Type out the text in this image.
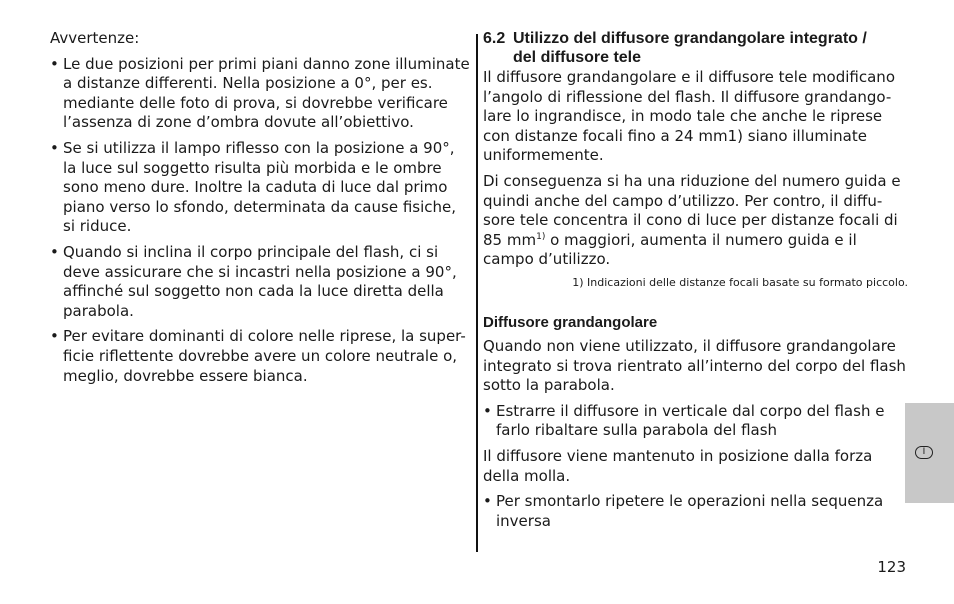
Avvertenze:

• Le due posizioni per primi piani danno zone illuminate a distanze differenti. Nella posizione a 0°, per es. mediante delle foto di prova, si dovrebbe verificare l’assenza di zone d’ombra dovute all’obiettivo.
• Se si utilizza il lampo riflesso con la posizione a 90°, la luce sul soggetto risulta più morbida e le ombre sono meno dure. Inoltre la caduta di luce dal primo piano verso lo sfondo, determinata da cause fisiche, si riduce.
• Quando si inclina il corpo principale del flash, ci si deve assicurare che si incastri nella posizione a 90°, affinché sul soggetto non cada la luce diretta della parabola.
• Per evitare dominanti di colore nelle riprese, la super-ficie riflettente dovrebbe avere un colore neutrale o, meglio, dovrebbe essere bianca.
6.2 Utilizzo del diffusore grandangolare integrato /
del diffusore tele

Il diffusore grandangolare e il diffusore tele modificano l’angolo di riflessione del flash. Il diffusore grandango-lare lo ingrandisce, in modo tale che anche le riprese con distanze focali fino a 24 mm1) siano illuminate uniformemente.

Di conseguenza si ha una riduzione del numero guida e quindi anche del campo d’utilizzo. Per contro, il diffu-sore tele concentra il cono di luce per distanze focali di 85 $mm^{1)}$ o maggiori, aumenta il numero guida e il campo d’utilizzo.

1) Indicazioni delle distanze focali basate su formato piccolo.

Diffusore grandangolare

Quando non viene utilizzato, il diffusore grandangolare integrato si trova rientrato all’interno del corpo del flash sotto la parabola.

• Estrarre il diffusore in verticale dal corpo del flash e farlo ribaltare sulla parabola del flash

Il diffusore viene mantenuto in posizione dalla forza della molla.

• Per smontarlo ripetere le operazioni nella sequenza inversa
I
123
